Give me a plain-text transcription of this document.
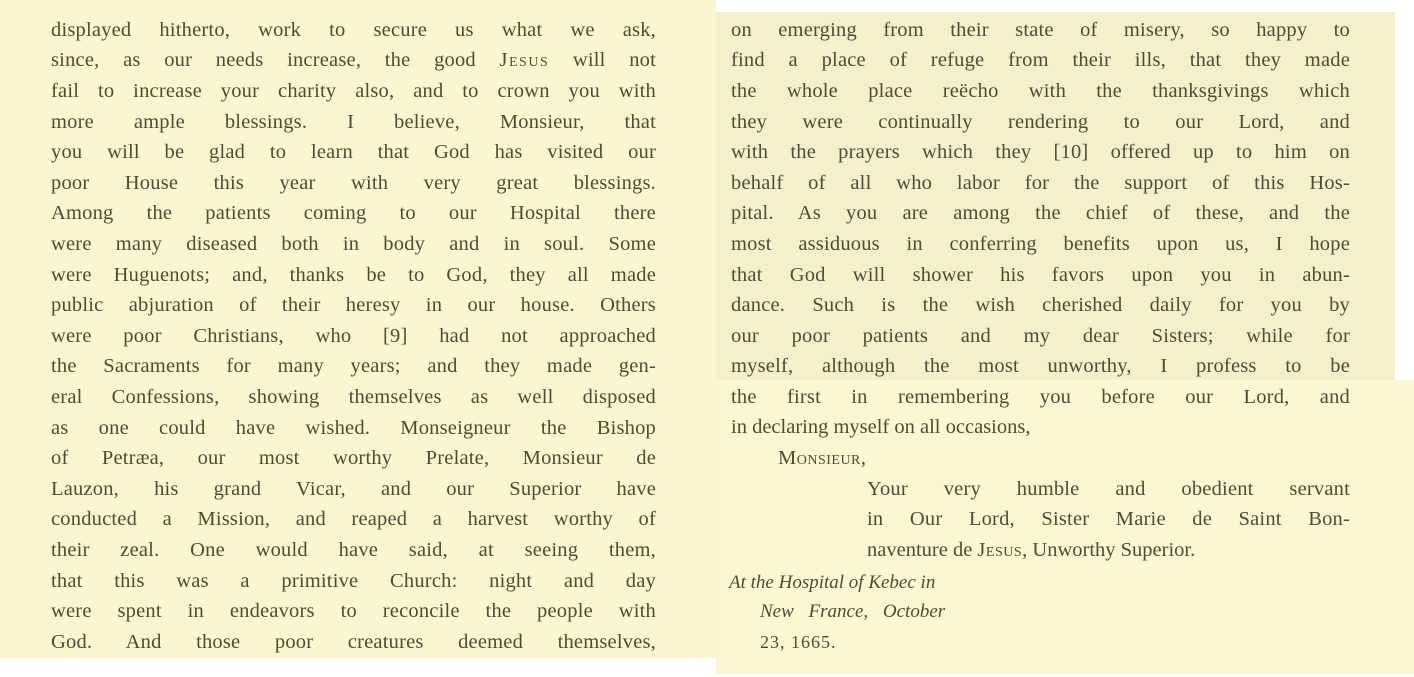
displayed hitherto, work to secure us what we ask,
since, as our needs increase, the good Jesus will not
fail to increase your charity also, and to crown you with
more ample blessings. I believe, Monsieur, that
you will be glad to learn that God has visited our
poor House this year with very great blessings.
Among the patients coming to our Hospital there
were many diseased both in body and in soul. Some
were Huguenots; and, thanks be to God, they all made
public abjuration of their heresy in our house. Others
were poor Christians, who [9] had not approached
the Sacraments for many years; and they made gen-
eral Confessions, showing themselves as well disposed
as one could have wished. Monseigneur the Bishop
of Petræa, our most worthy Prelate, Monsieur de
Lauzon, his grand Vicar, and our Superior have
conducted a Mission, and reaped a harvest worthy of
their zeal. One would have said, at seeing them,
that this was a primitive Church: night and day
were spent in endeavors to reconcile the people with
God. And those poor creatures deemed themselves,
on emerging from their state of misery, so happy to
find a place of refuge from their ills, that they made
the whole place reëcho with the thanksgivings which
they were continually rendering to our Lord, and
with the prayers which they [10] offered up to him on
behalf of all who labor for the support of this Hos-
pital. As you are among the chief of these, and the
most assiduous in conferring benefits upon us, I hope
that God will shower his favors upon you in abun-
dance. Such is the wish cherished daily for you by
our poor patients and my dear Sisters; while for
myself, although the most unworthy, I profess to be
the first in remembering you before our Lord, and
in declaring myself on all occasions,
Monsieur,
Your very humble and obedient servant
in Our Lord, Sister Marie de Saint Bon-
naventure de Jesus, Unworthy Superior.
At the Hospital of Kebec in
New France, October
23, 1665.
